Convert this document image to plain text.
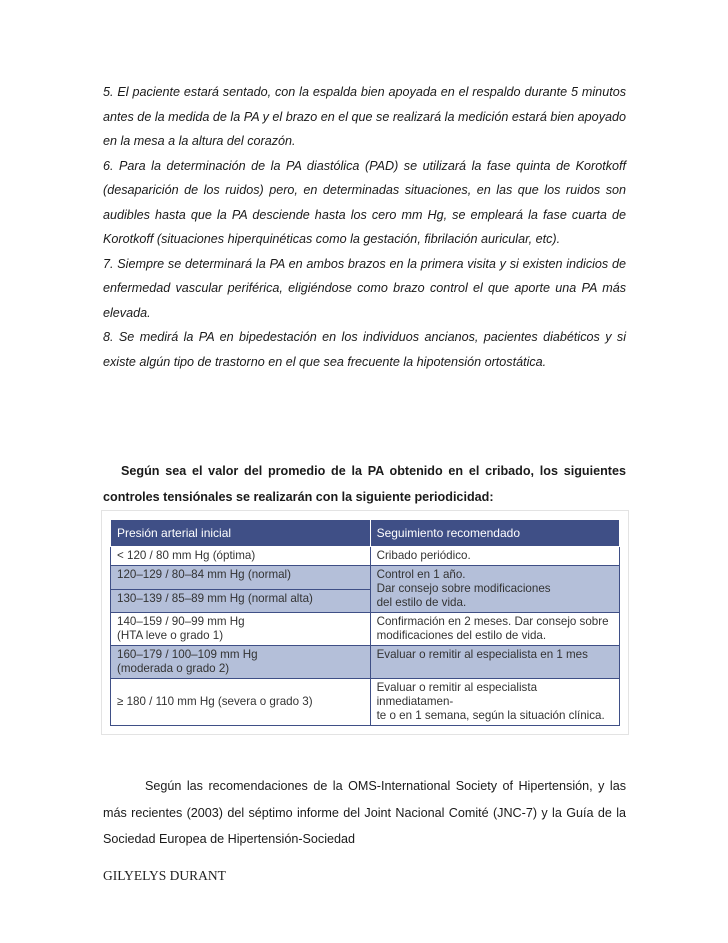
5. El paciente estará sentado, con la espalda bien apoyada en el respaldo durante 5 minutos antes de la medida de la PA y el brazo en el que se realizará la medición estará bien apoyado en la mesa a la altura del corazón.

6. Para la determinación de la PA diastólica (PAD) se utilizará la fase quinta de Korotkoff (desaparición de los ruidos) pero, en determinadas situaciones, en las que los ruidos son audibles hasta que la PA desciende hasta los cero mm Hg, se empleará la fase cuarta de Korotkoff (situaciones hiperquinéticas como la gestación, fibrilación auricular, etc).

7. Siempre se determinará la PA en ambos brazos en la primera visita y si existen indicios de enfermedad vascular periférica, eligiéndose como brazo control el que aporte una PA más elevada.

8. Se medirá la PA en bipedestación en los individuos ancianos, pacientes diabéticos y si existe algún tipo de trastorno en el que sea frecuente la hipotensión ortostática.

Según sea el valor del promedio de la PA obtenido en el cribado, los siguientes controles tensiónales se realizarán con la siguiente periodicidad:

Presión arterial inicial	Seguimiento recomendado
< 120 / 80 mm Hg (óptima)	Cribado periódico.
120–129 / 80–84 mm Hg (normal)	Control en 1 año.
Dar consejo sobre modificaciones
del estilo de vida.
130–139 / 85–89 mm Hg (normal alta)	
140–159 / 90–99 mm Hg
(HTA leve o grado 1)	Confirmación en 2 meses. Dar consejo sobre
modificaciones del estilo de vida.
160–179 / 100–109 mm Hg
(moderada o grado 2)	Evaluar o remitir al especialista en 1 mes
≥ 180 / 110 mm Hg (severa o grado 3)	Evaluar o remitir al especialista inmediatamen-
te o en 1 semana, según la situación clínica.

Según las recomendaciones de la OMS-International Society of Hipertensión, y las más recientes (2003) del séptimo informe del Joint Nacional Comité (JNC-7) y la Guía de la Sociedad Europea de Hipertensión-Sociedad

GILYELYS DURANT
